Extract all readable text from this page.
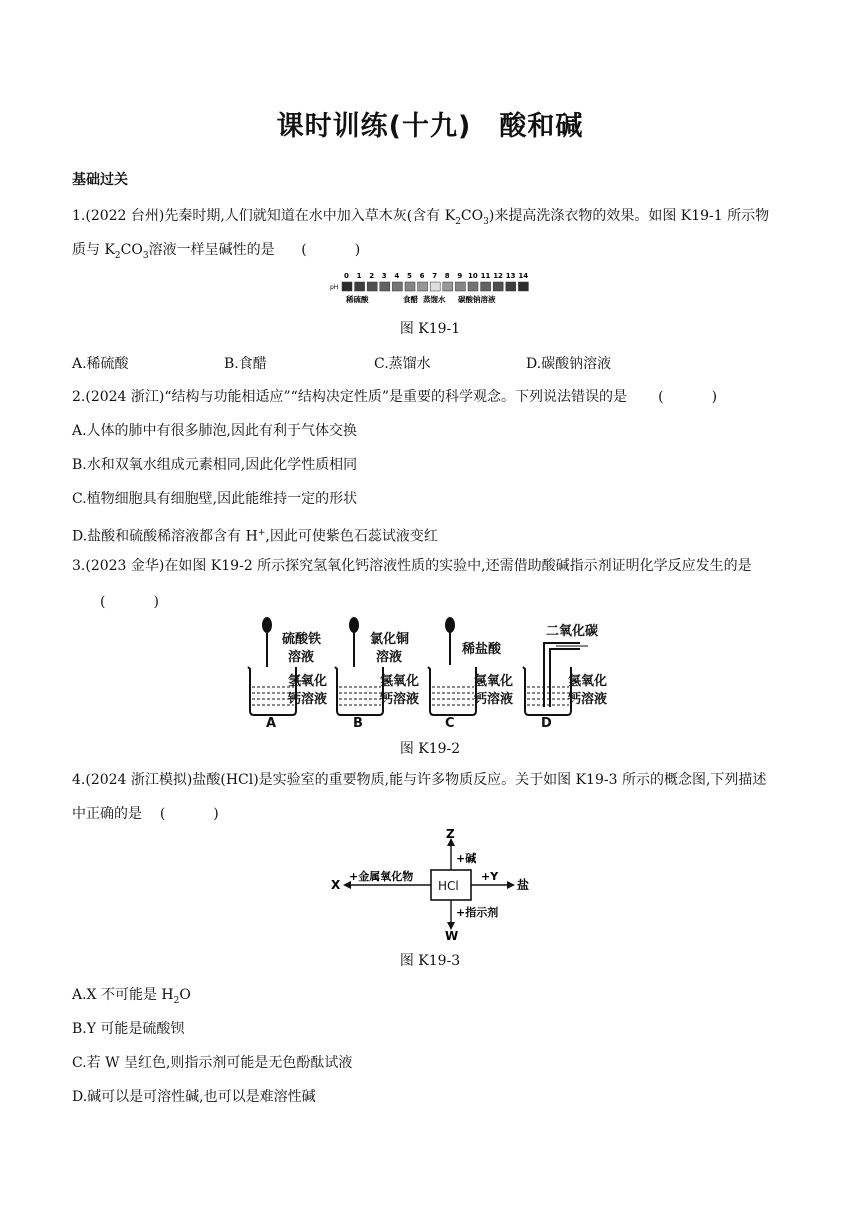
课时训练(十九)　酸和碱
基础过关
1.(2022 台州)先秦时期,人们就知道在水中加入草木灰(含有 $K_2CO_3$)来提高洗涤衣物的效果。如图 K19-1 所示物
质与 $K_2CO_3$溶液一样呈碱性的是 (	)
pH
0 1 2 3 4 5 6 7 8 9 10 11 12 13 14
稀硫酸	食醋 蒸馏水 碳酸钠溶液
图 K19-1
A.稀硫酸	B.食醋	C.蒸馏水	D.碳酸钠溶液
2.(2024 浙江)“结构与功能相适应”“结构决定性质”是重要的科学观念。下列说法错误的是 (	)
A.人体的肺中有很多肺泡,因此有利于气体交换
B.水和双氧水组成元素相同,因此化学性质相同
C.植物细胞具有细胞壁,因此能维持一定的形状
D.盐酸和硫酸稀溶液都含有 H+,因此可使紫色石蕊试液变红
3.(2023 金华)在如图 K19-2 所示探究氢氧化钙溶液性质的实验中,还需借助酸碱指示剂证明化学反应发生的是
(	)
硫酸铁
溶液
氯化铜
溶液
稀盐酸
二氧化碳
氢氧化
钙溶液
氢氧化
钙溶液
氢氧化
钙溶液
氢氧化
钙溶液
A	B	C	D
图 K19-2
4.(2024 浙江模拟)盐酸(HCl)是实验室的重要物质,能与许多物质反应。关于如图 K19-3 所示的概念图,下列描述
中正确的是 (	)
HCl
Z
+碱
X
+金属氧化物	+Y
盐
+指示剂
W
图 K19-3
A.X 不可能是 $H_2O$
B.Y 可能是硫酸钡
C.若 W 呈红色,则指示剂可能是无色酚酞试液
D.碱可以是可溶性碱,也可以是难溶性碱
